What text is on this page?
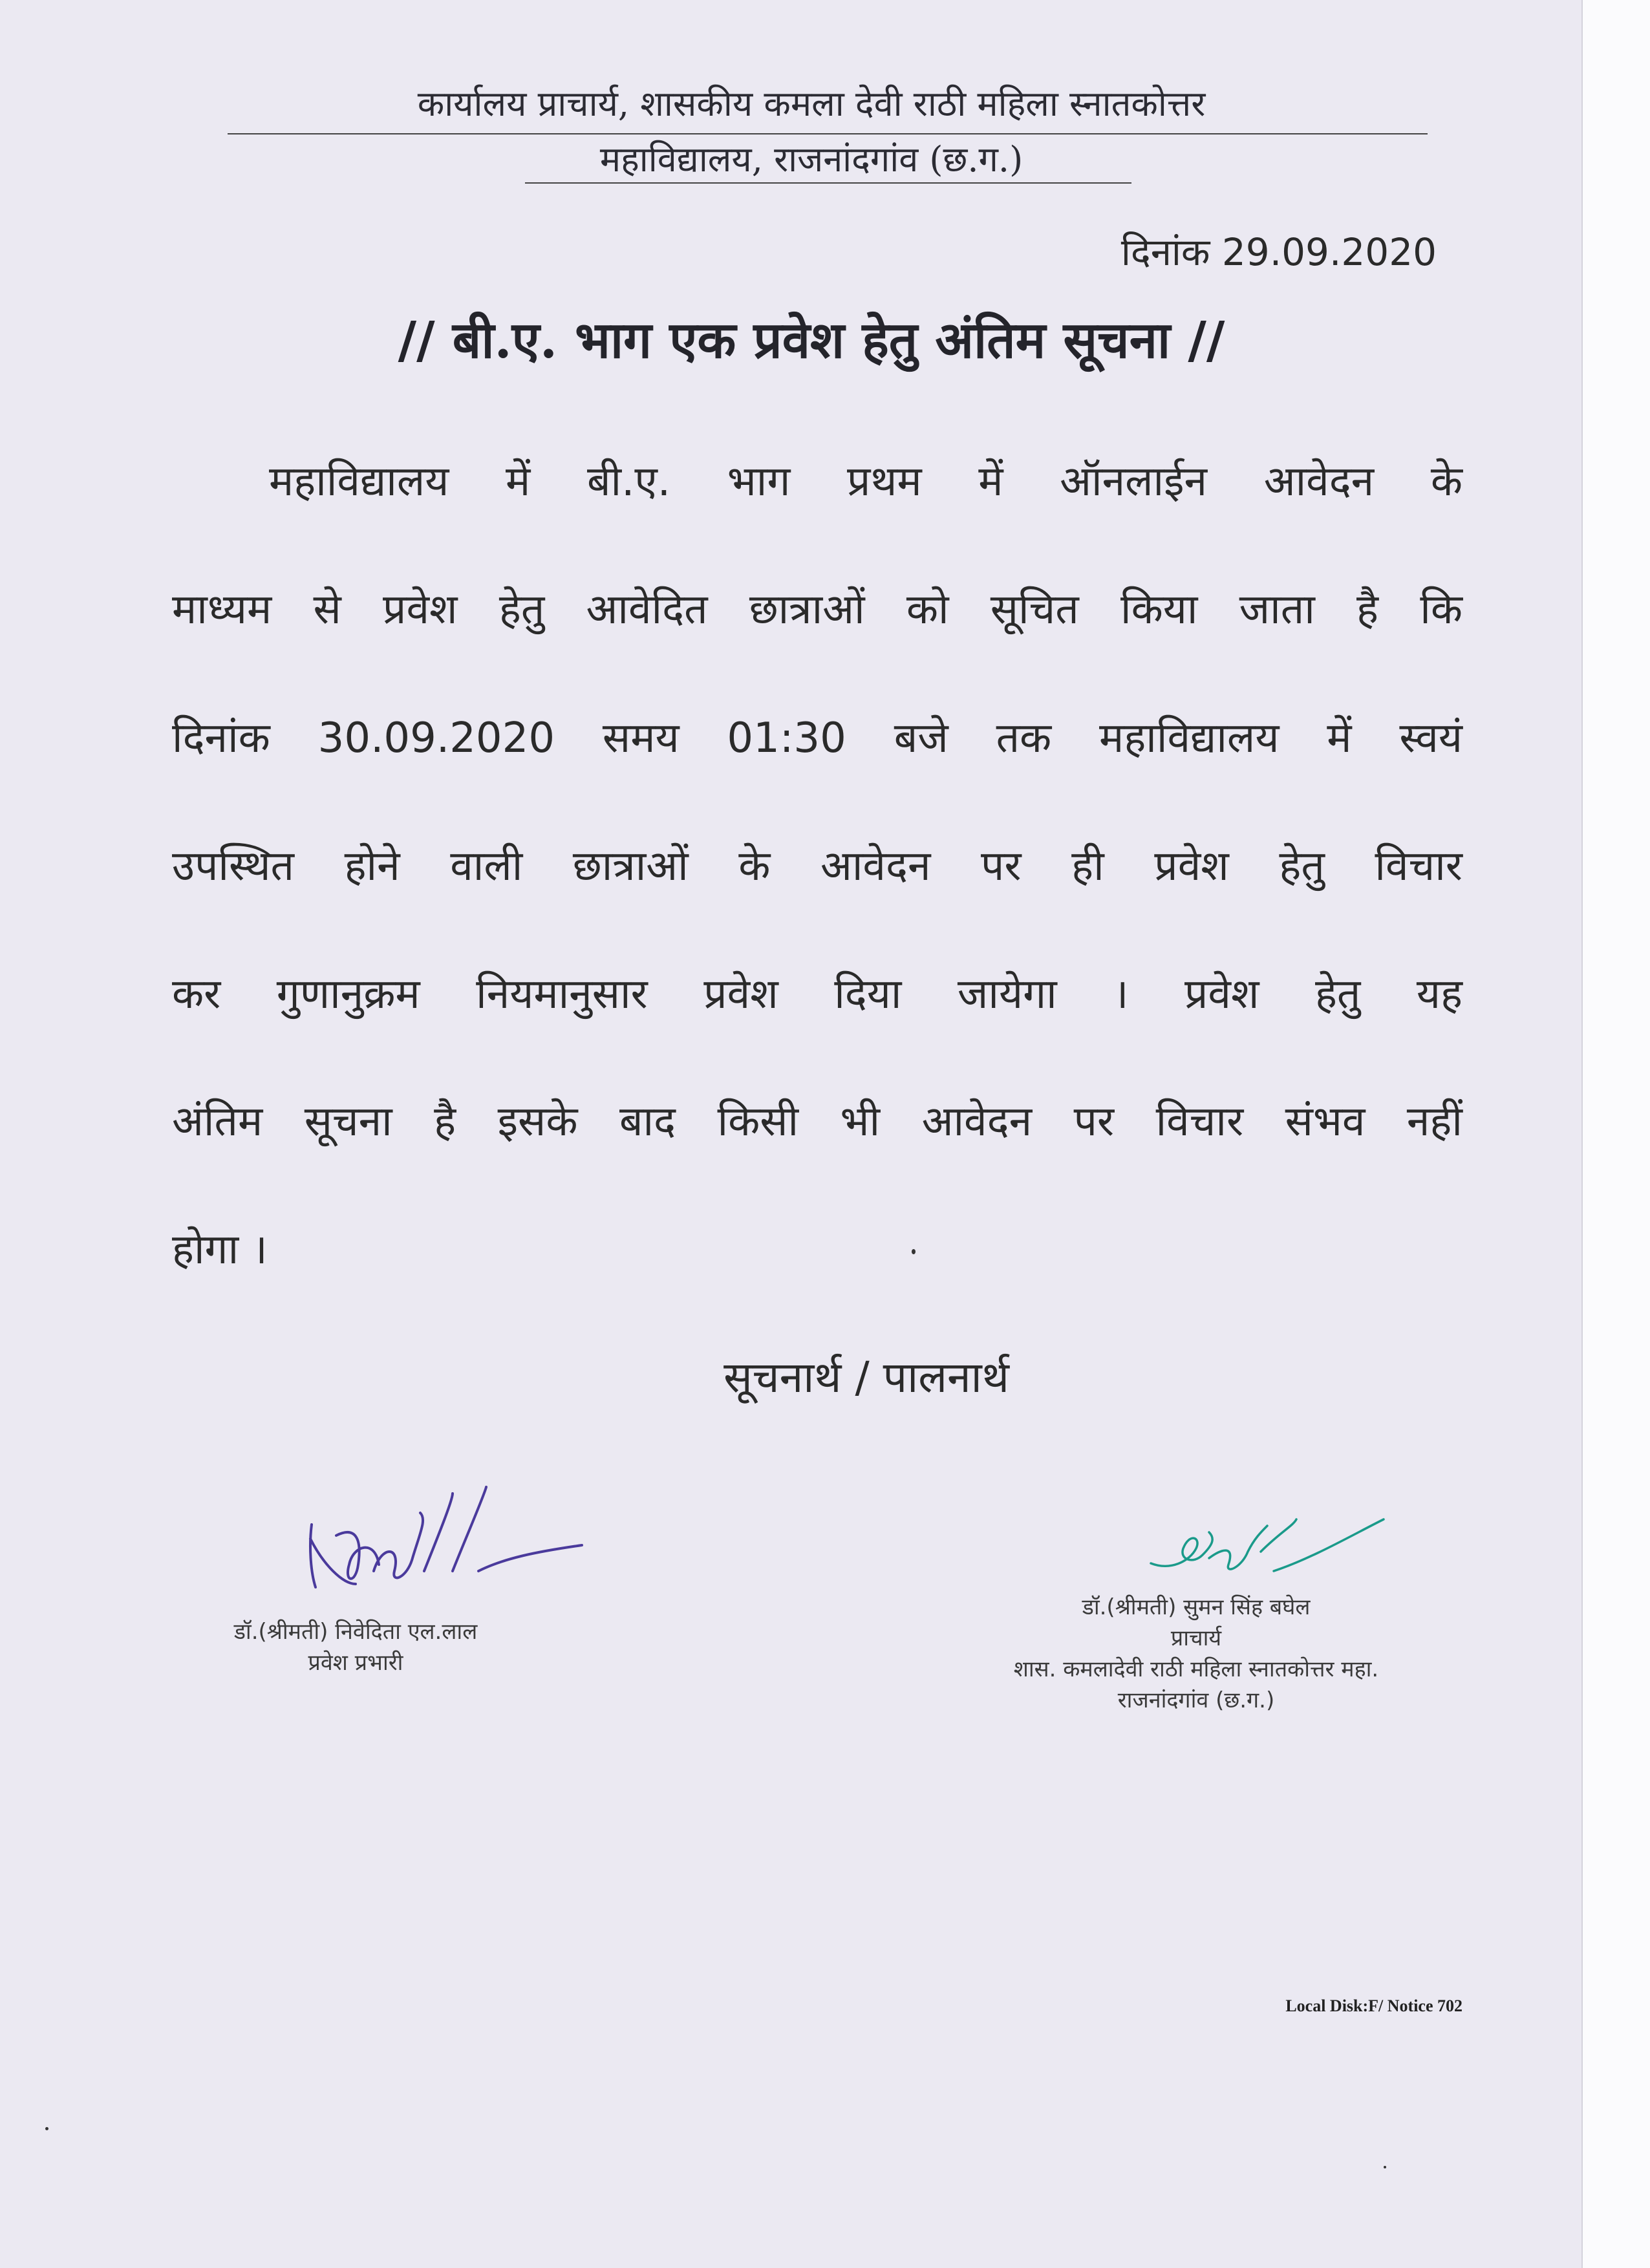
कार्यालय प्राचार्य, शासकीय कमला देवी राठी महिला स्नातकोत्तर
महाविद्यालय, राजनांदगांव (छ.ग.)
दिनांक 29.09.2020
// बी.ए. भाग एक प्रवेश हेतु अंतिम सूचना //
महाविद्यालय में बी.ए. भाग प्रथम में ऑनलाईन आवेदन के
माध्यम से प्रवेश हेतु आवेदित छात्राओं को सूचित किया जाता है कि
दिनांक 30.09.2020 समय 01:30 बजे तक महाविद्यालय में स्वयं
उपस्थित होने वाली छात्राओं के आवेदन पर ही प्रवेश हेतु विचार
कर गुणानुक्रम नियमानुसार प्रवेश दिया जायेगा । प्रवेश हेतु यह
अंतिम सूचना है इसके बाद किसी भी आवेदन पर विचार संभव नहीं
होगा ।
सूचनार्थ / पालनार्थ
डॉ.(श्रीमती) निवेदिता एल.लाल
प्रवेश प्रभारी
डॉ.(श्रीमती) सुमन सिंह बघेल
प्राचार्य
शास. कमलादेवी राठी महिला स्नातकोत्तर महा.
राजनांदगांव (छ.ग.)
Local Disk:F/ Notice 702
